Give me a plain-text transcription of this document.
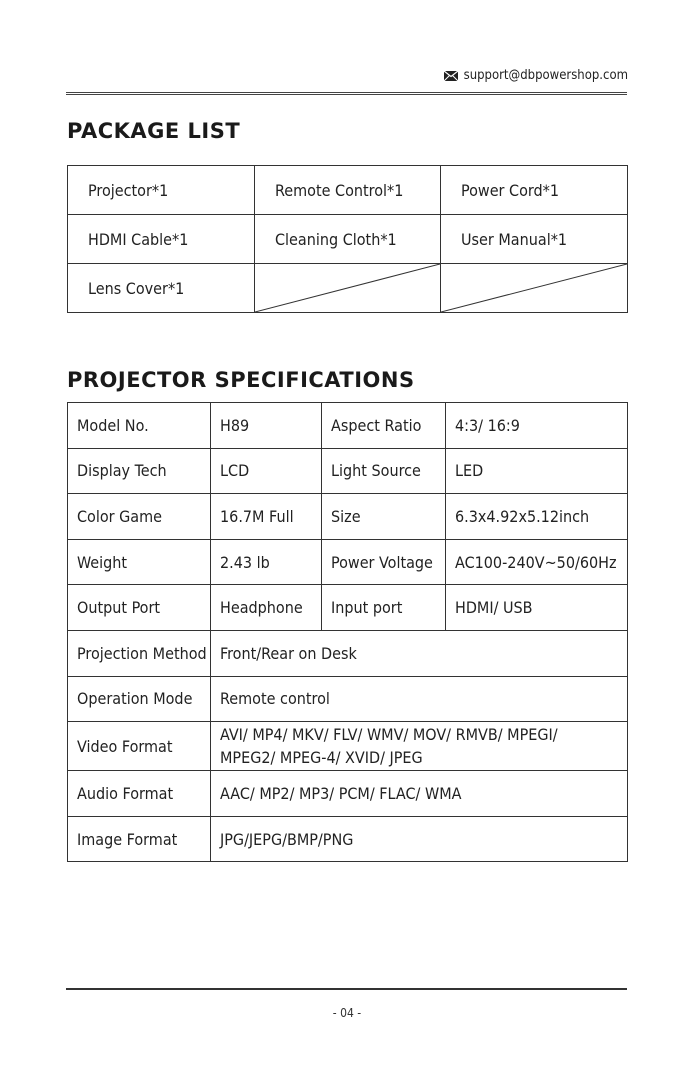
support@dbpowershop.com
PACKAGE LIST
Projector*1	Remote Control*1	Power Cord*1
HDMI Cable*1	Cleaning Cloth*1	User Manual*1
Lens Cover*1	

PROJECTOR SPECIFICATIONS
Model No.	H89	Aspect Ratio	4:3/ 16:9
Display Tech	LCD	Light Source	LED
Color Game	16.7M Full	Size	6.3x4.92x5.12inch
Weight	2.43 lb	Power Voltage	AC100-240V~50/60Hz
Output Port	Headphone	Input port	HDMI/ USB
Projection Method	Front/Rear on Desk		
Operation Mode	Remote control		
Video Format	AVI/ MP4/ MKV/ FLV/ WMV/ MOV/ RMVB/ MPEGI/
MPEG2/ MPEG-4/ XVID/ JPEG		

Audio Format	AAC/ MP2/ MP3/ PCM/ FLAC/ WMA		
Image Format	JPG/JEPG/BMP/PNG		
- 04 -
